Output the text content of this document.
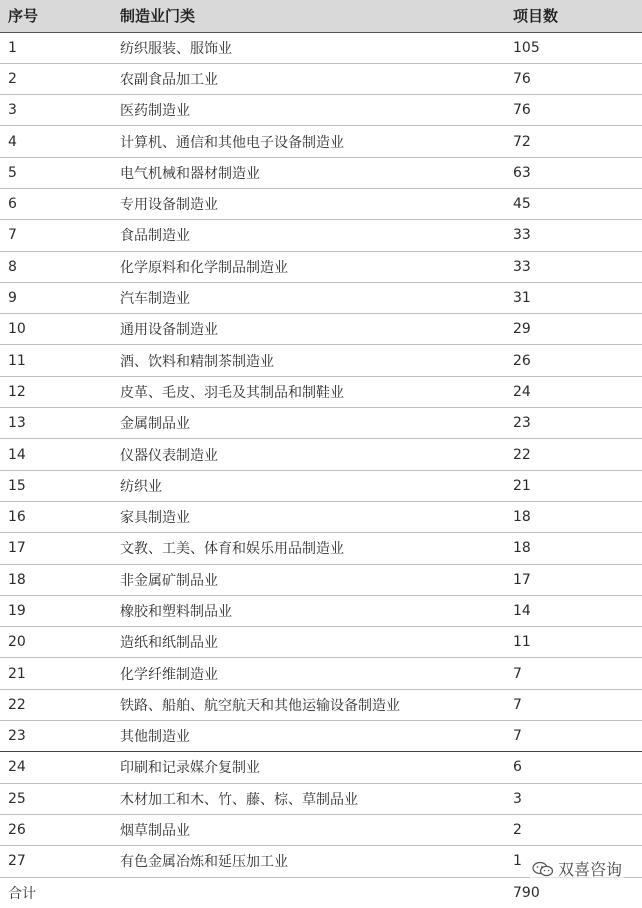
序号	制造业门类	项目数
1	纺织服装、服饰业	105
2	农副食品加工业	76
3	医药制造业	76
4	计算机、通信和其他电子设备制造业	72
5	电气机械和器材制造业	63
6	专用设备制造业	45
7	食品制造业	33
8	化学原料和化学制品制造业	33
9	汽车制造业	31
10	通用设备制造业	29
11	酒、饮料和精制茶制造业	26
12	皮革、毛皮、羽毛及其制品和制鞋业	24
13	金属制品业	23
14	仪器仪表制造业	22
15	纺织业	21
16	家具制造业	18
17	文教、工美、体育和娱乐用品制造业	18
18	非金属矿制品业	17
19	橡胶和塑料制品业	14
20	造纸和纸制品业	11
21	化学纤维制造业	7
22	铁路、船舶、航空航天和其他运输设备制造业	7
23	其他制造业	7
24	印刷和记录媒介复制业	6
25	木材加工和木、竹、藤、棕、草制品业	3
26	烟草制品业	2
27	有色金属冶炼和延压加工业	1
合计		790
双喜咨询
